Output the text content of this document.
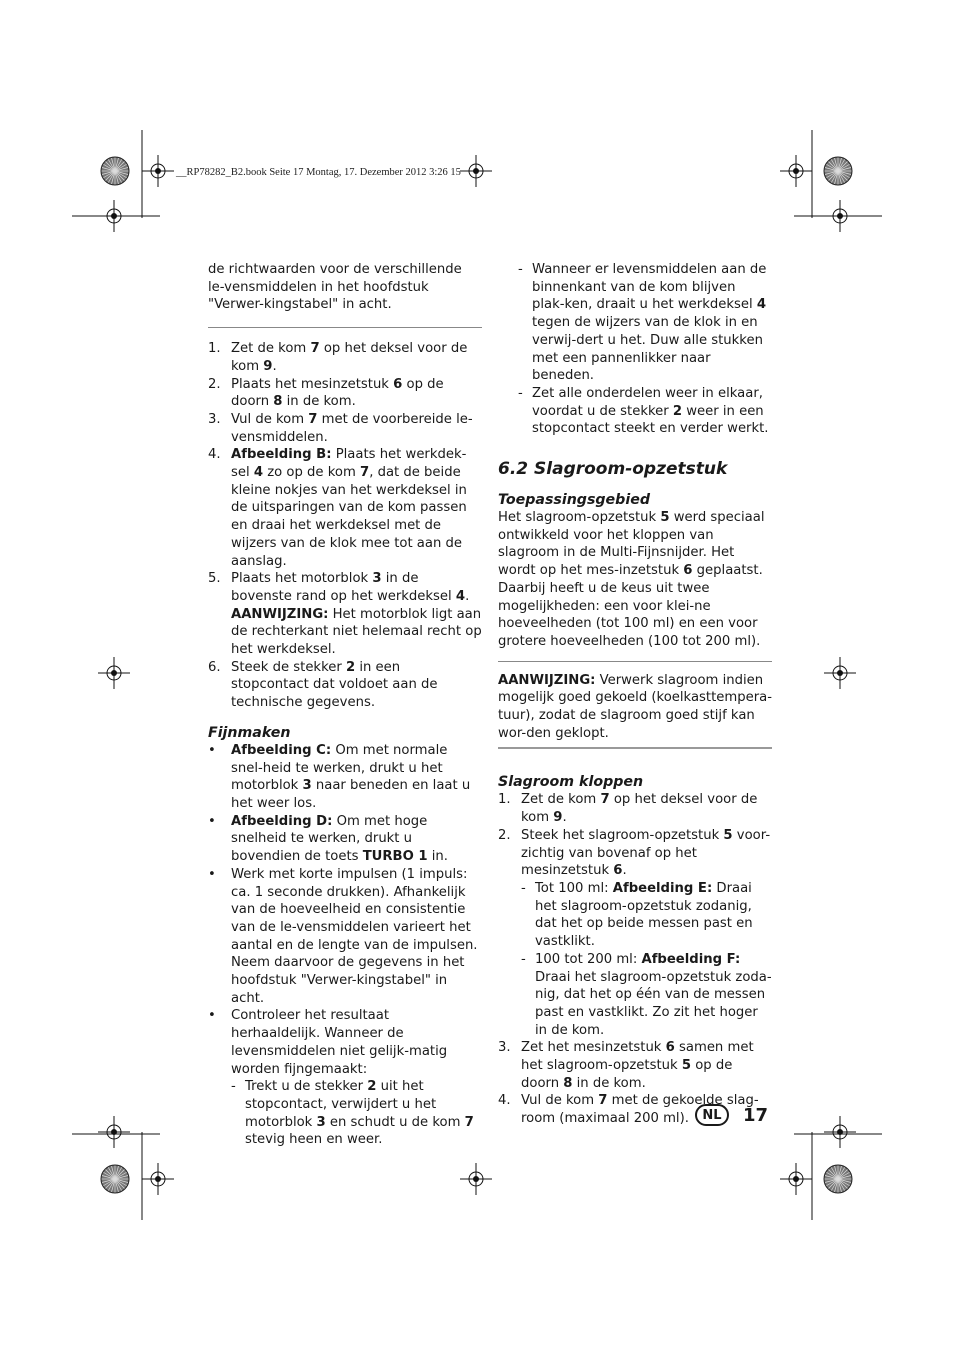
__RP78282_B2.book Seite 17 Montag, 17. Dezember 2012 3:26 15

de richtwaarden voor de verschillende le-vensmiddelen in het hoofdstuk "Verwer-kingstabel" in acht.

1. Zet de kom 7 op het deksel voor de kom 9.
2. Plaats het mesinzetstuk 6 op de doorn 8 in de kom.
3. Vul de kom 7 met de voorbereide le-vensmiddelen.
4. Afbeelding B: Plaats het werkdek-sel 4 zo op de kom 7, dat de beide kleine nokjes van het werkdeksel in de uitsparingen van de kom passen en draai het werkdeksel met de wijzers van de klok mee tot aan de aanslag.
5. Plaats het motorblok 3 in de bovenste rand op het werkdeksel 4.
AANWIJZING: Het motorblok ligt aan de rechterkant niet helemaal recht op het werkdeksel.
6. Steek de stekker 2 in een stopcontact dat voldoet aan de technische gegevens.
Fijnmaken
• Afbeelding C: Om met normale snel-heid te werken, drukt u het motorblok 3 naar beneden en laat u het weer los.
• Afbeelding D: Om met hoge snelheid te werken, drukt u bovendien de toets TURBO 1 in.
• Werk met korte impulsen (1 impuls: ca. 1 seconde drukken). Afhankelijk van de hoeveelheid en consistentie van de le-vensmiddelen varieert het aantal en de lengte van de impulsen. Neem daarvoor de gegevens in het hoofdstuk "Verwer-kingstabel" in acht.
• Controleer het resultaat herhaaldelijk. Wanneer de levensmiddelen niet gelijk-matig worden fijngemaakt:
- Trekt u de stekker 2 uit het stopcontact, verwijdert u het motorblok 3 en schudt u de kom 7 stevig heen en weer.
- Wanneer er levensmiddelen aan de binnenkant van de kom blijven plak-ken, draait u het werkdeksel 4 tegen de wijzers van de klok in en verwij-dert u het. Duw alle stukken met een pannenlikker naar beneden.
- Zet alle onderdelen weer in elkaar, voordat u de stekker 2 weer in een stopcontact steekt en verder werkt.
6.2 Slagroom-opzetstuk
Toepassingsgebied

Het slagroom-opzetstuk 5 werd speciaal ontwikkeld voor het kloppen van slagroom in de Multi-Fijnsnijder. Het wordt op het mes-inzetstuk 6 geplaatst. Daarbij heeft u de keus uit twee mogelijkheden: een voor klei-ne hoeveelheden (tot 100 ml) en een voor grotere hoeveelheden (100 tot 200 ml).

AANWIJZING: Verwerk slagroom indien mogelijk goed gekoeld (koelkasttempera-tuur), zodat de slagroom goed stijf kan wor-den geklopt.

Slagroom kloppen
1. Zet de kom 7 op het deksel voor de kom 9.
2. Steek het slagroom-opzetstuk 5 voor-zichtig van bovenaf op het mesinzetstuk 6.
- Tot 100 ml: Afbeelding E: Draai het slagroom-opzetstuk zodanig, dat het op beide messen past en vastklikt.
- 100 tot 200 ml: Afbeelding F: Draai het slagroom-opzetstuk zoda-nig, dat het op één van de messen past en vastklikt. Zo zit het hoger in de kom.
3. Zet het mesinzetstuk 6 samen met het slagroom-opzetstuk 5 op de doorn 8 in de kom.
4. Vul de kom 7 met de gekoelde slag-room (maximaal 200 ml).	NL	17
